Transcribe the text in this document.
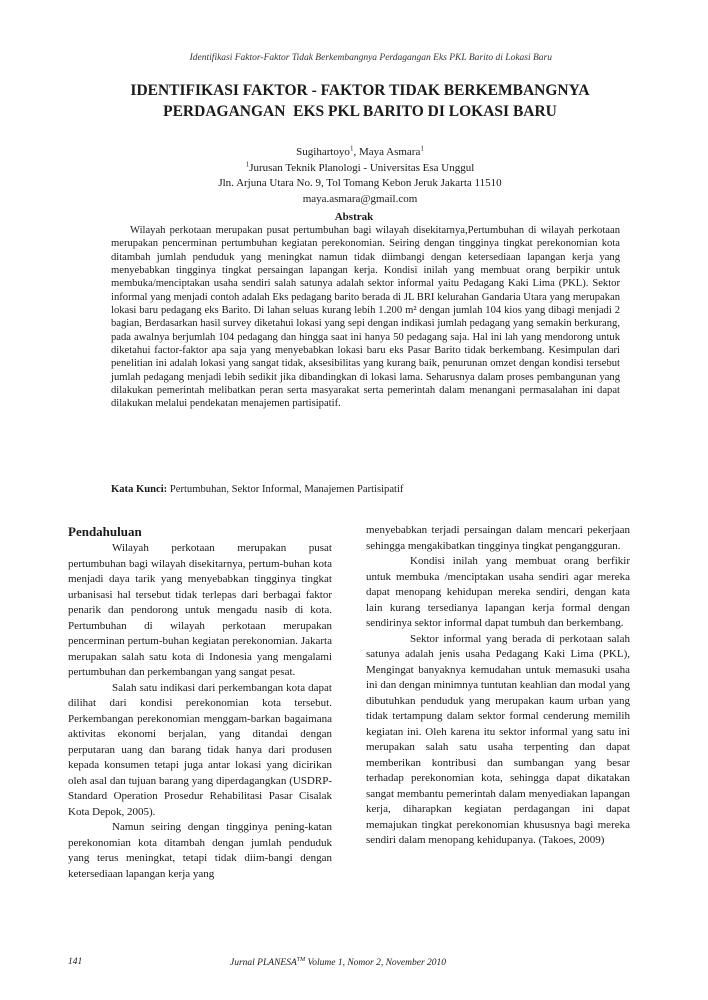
Identifikasi Faktor-Faktor Tidak Berkembangnya Perdagangan Eks PKL Barito di Lokasi Baru
IDENTIFIKASI FAKTOR - FAKTOR TIDAK BERKEMBANGNYA
PERDAGANGAN  EKS PKL BARITO DI LOKASI BARU
Sugihartoyo$^1$, Maya Asmara$^1$
$^1$Jurusan Teknik Planologi - Universitas Esa Unggul
Jln. Arjuna Utara No. 9, Tol Tomang Kebon Jeruk Jakarta 11510
maya.asmara@gmail.com
Abstrak
Wilayah perkotaan merupakan pusat pertumbuhan bagi wilayah disekitarnya,Pertumbuhan di wilayah perkotaan merupakan pencerminan pertumbuhan kegiatan perekonomian. Seiring dengan tingginya tingkat perekonomian kota ditambah jumlah penduduk yang meningkat namun tidak diimbangi dengan ketersediaan lapangan kerja yang menyebabkan tingginya tingkat persaingan lapangan kerja. Kondisi inilah yang membuat orang berpikir untuk membuka/menciptakan usaha sendiri salah satunya adalah sektor informal yaitu Pedagang Kaki Lima (PKL). Sektor informal yang menjadi contoh adalah Eks pedagang barito berada di JL BRI kelurahan Gandaria Utara yang merupakan lokasi baru pedagang eks Barito. Di lahan seluas kurang lebih 1.200 m² dengan jumlah 104 kios yang dibagi menjadi 2 bagian, Berdasarkan hasil survey diketahui lokasi yang sepi dengan indikasi jumlah pedagang yang semakin berkurang, pada awalnya berjumlah 104 pedagang dan hingga saat ini hanya 50 pedagang saja. Hal ini lah yang mendorong untuk diketahui factor-faktor apa saja yang menyebabkan lokasi baru eks Pasar Barito tidak berkembang. Kesimpulan dari penelitian ini adalah lokasi yang sangat tidak, aksesibilitas yang kurang baik, penurunan omzet dengan kondisi tersebut jumlah pedagang menjadi lebih sedikit jika dibandingkan di lokasi lama. Seharusnya dalam proses pembangunan yang dilakukan pemerintah melibatkan peran serta masyarakat serta pemerintah dalam menangani permasalahan ini dapat dilakukan melalui pendekatan menajemen partisipatif.
Kata Kunci: Pertumbuhan, Sektor Informal, Manajemen Partisipatif
Pendahuluan

Wilayah perkotaan merupakan pusat pertumbuhan bagi wilayah disekitarnya, pertum-buhan kota menjadi daya tarik yang menyebabkan tingginya tingkat urbanisasi hal tersebut tidak terlepas dari berbagai faktor penarik dan pendorong untuk mengadu nasib di kota. Pertumbuhan di wilayah perkotaan merupakan pencerminan pertum-buhan kegiatan perekonomian. Jakarta merupakan salah satu kota di Indonesia yang mengalami pertumbuhan dan perkembangan yang sangat pesat.

Salah satu indikasi dari perkembangan kota dapat dilihat dari kondisi perekonomian kota tersebut. Perkembangan perekonomian menggam-barkan bagaimana aktivitas ekonomi berjalan, yang ditandai dengan perputaran uang dan barang tidak hanya dari produsen kepada konsumen tetapi juga antar lokasi yang dicirikan oleh asal dan tujuan barang yang diperdagangkan (USDRP-Standard Operation Prosedur Rehabilitasi Pasar Cisalak Kota Depok, 2005).

Namun seiring dengan tingginya pening-katan perekonomian kota ditambah dengan jumlah penduduk yang terus meningkat, tetapi tidak diim-bangi dengan ketersediaan lapangan kerja yang

menyebabkan terjadi persaingan dalam mencari pekerjaan sehingga mengakibatkan tingginya tingkat pengangguran.

Kondisi inilah yang membuat orang berfikir untuk membuka /menciptakan usaha sendiri agar mereka dapat menopang kehidupan mereka sendiri, dengan kata lain kurang tersedianya lapangan kerja formal dengan sendirinya sektor informal dapat tumbuh dan berkembang.

Sektor informal yang berada di perkotaan salah satunya adalah jenis usaha Pedagang Kaki Lima (PKL), Mengingat banyaknya kemudahan untuk memasuki usaha ini dan dengan minimnya tuntutan keahlian dan modal yang dibutuhkan penduduk yang merupakan kaum urban yang tidak tertampung dalam sektor formal cenderung memilih kegiatan ini. Oleh karena itu sektor informal yang satu ini merupakan salah satu usaha terpenting dan dapat memberikan kontribusi dan sumbangan yang besar terhadap perekonomian kota, sehingga dapat dikatakan sangat membantu pemerintah dalam menyediakan lapangan kerja, diharapkan kegiatan perdagangan ini dapat memajukan tingkat perekonomian khususnya bagi mereka sendiri dalam menopang kehidupanya. (Takoes, 2009)

141	Jurnal PLANESA™ Volume 1, Nomor 2, November 2010
